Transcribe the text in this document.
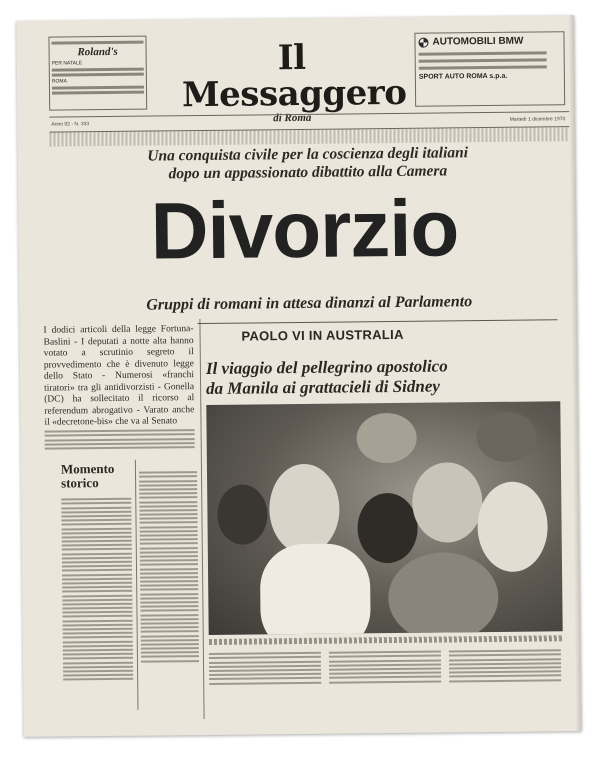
Roland's
PER NATALE
ROMA
Il Messaggero
di Roma
AUTOMOBILI BMW
SPORT AUTO ROMA s.p.a.
Anno 92 - N. 333
Martedì 1 dicembre 1970
Una conquista civile per la coscienza degli italiani
dopo un appassionato dibattito alla Camera
Divorzio
Gruppi di romani in attesa dinanzi al Parlamento
I dodici articoli della legge Fortuna-Baslini - I deputati a notte alta hanno votato a scrutinio segreto il provvedimento che è divenuto legge dello Stato - Numerosi «franchi tiratori» tra gli antidivorzisti - Gonella (DC) ha sollecitato il ricorso al referendum abrogativo - Varato anche il «decretone-bis» che va al Senato
Momento
storico
PAOLO VI IN AUSTRALIA
Il viaggio del pellegrino apostolico
da Manila ai grattacieli di Sidney
